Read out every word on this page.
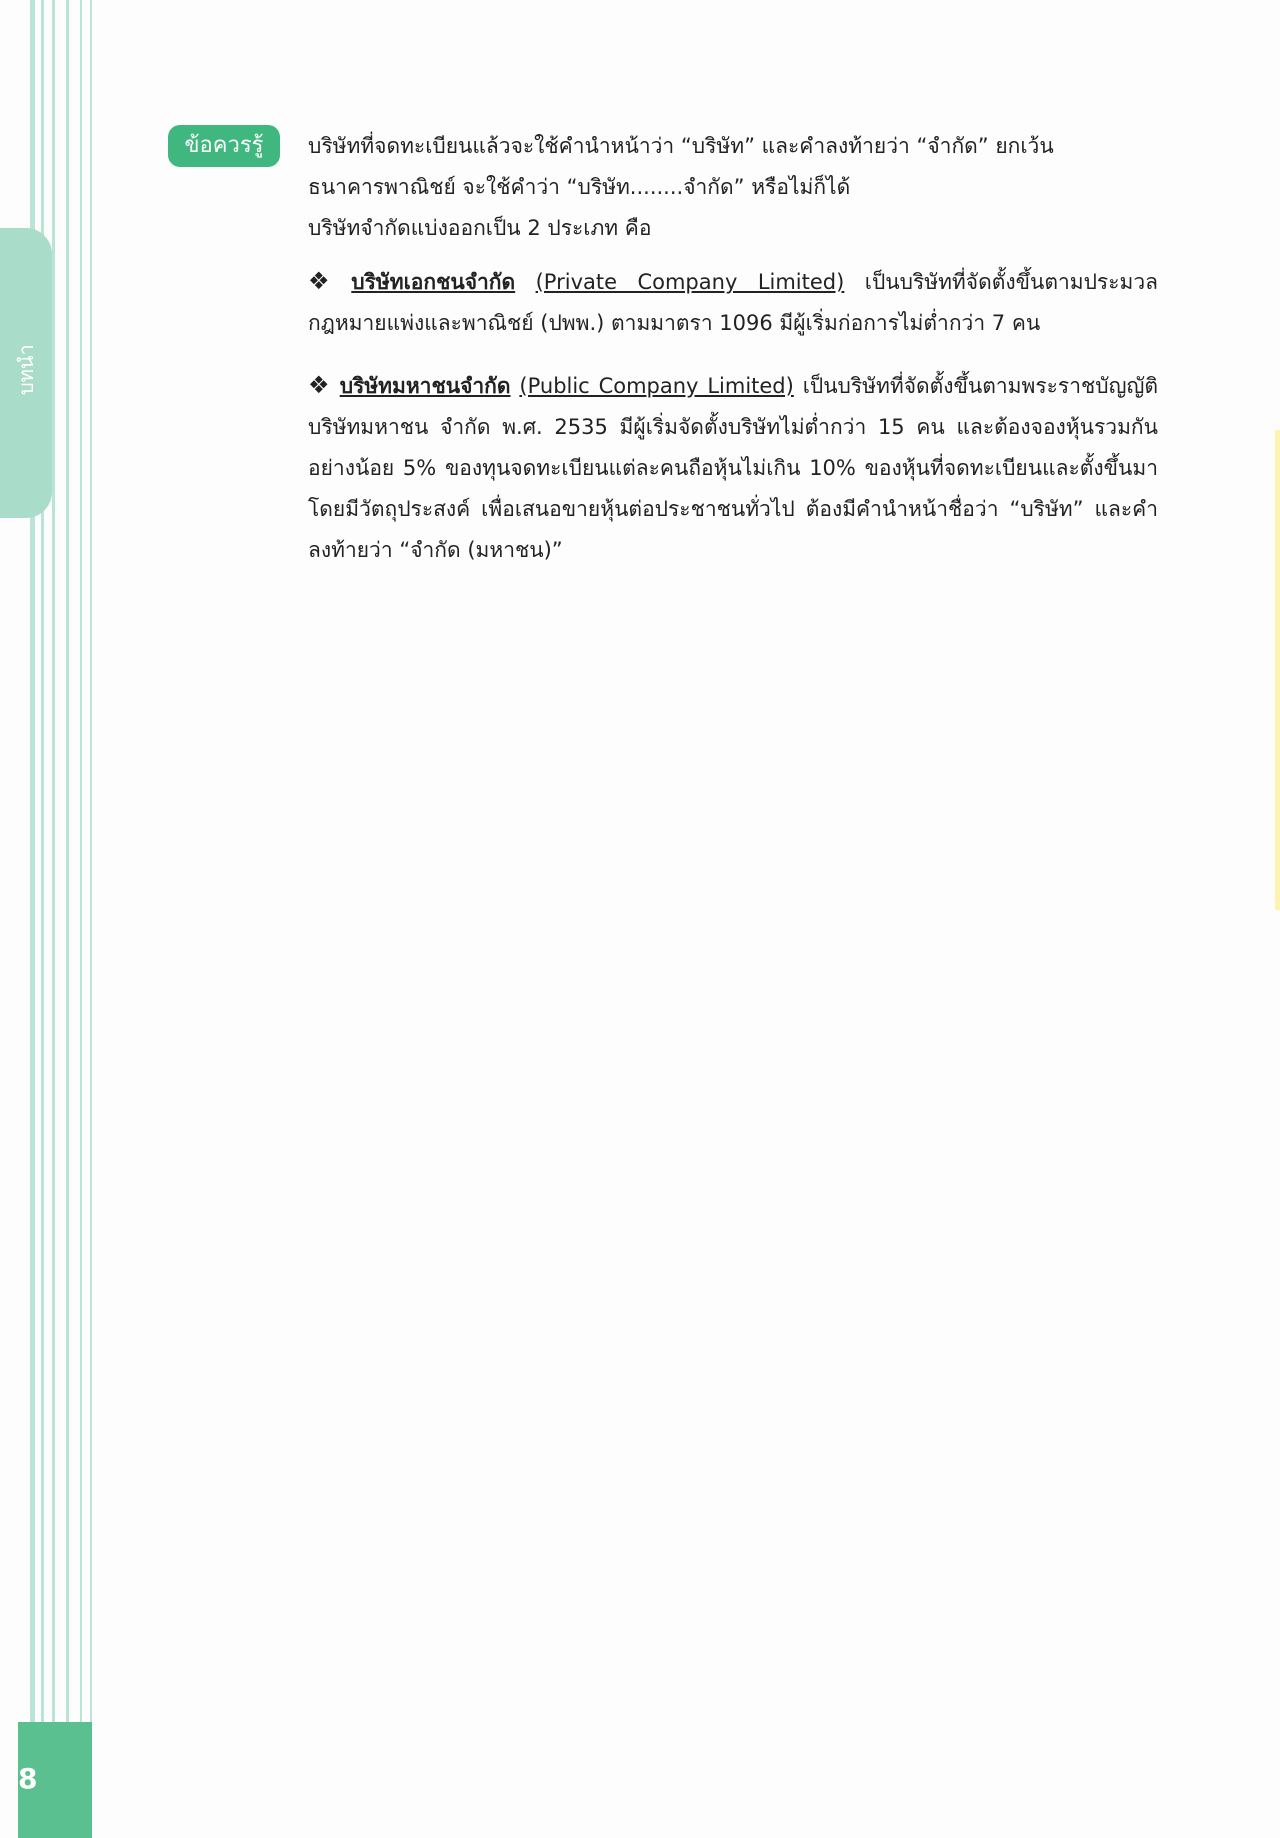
บทนำ
8
ข้อควรรู้	บริษัทที่จดทะเบียนแล้วจะใช้คำนำหน้าว่า “บริษัท” และคำลงท้ายว่า “จำกัด” ยกเว้น
ธนาคารพาณิชย์ จะใช้คำว่า “บริษัท........จำกัด” หรือไม่ก็ได้
บริษัทจำกัดแบ่งออกเป็น 2 ประเภท คือ

❖ บริษัทเอกชนจำกัด (Private Company Limited) เป็นบริษัทที่จัดตั้งขึ้นตามประมวลกฎหมายแพ่งและพาณิชย์ (ปพพ.) ตามมาตรา 1096 มีผู้เริ่มก่อการไม่ต่ำกว่า 7 คน

❖ บริษัทมหาชนจำกัด (Public Company Limited) เป็นบริษัทที่จัดตั้งขึ้นตามพระราชบัญญัติบริษัทมหาชน จำกัด พ.ศ. 2535 มีผู้เริ่มจัดตั้งบริษัทไม่ต่ำกว่า 15 คน และต้องจองหุ้นรวมกันอย่างน้อย 5% ของทุนจดทะเบียนแต่ละคนถือหุ้นไม่เกิน 10% ของหุ้นที่จดทะเบียนและตั้งขึ้นมาโดยมีวัตถุประสงค์ เพื่อเสนอขายหุ้นต่อประชาชนทั่วไป ต้องมีคำนำหน้าชื่อว่า “บริษัท” และคำลงท้ายว่า “จำกัด (มหาชน)”
